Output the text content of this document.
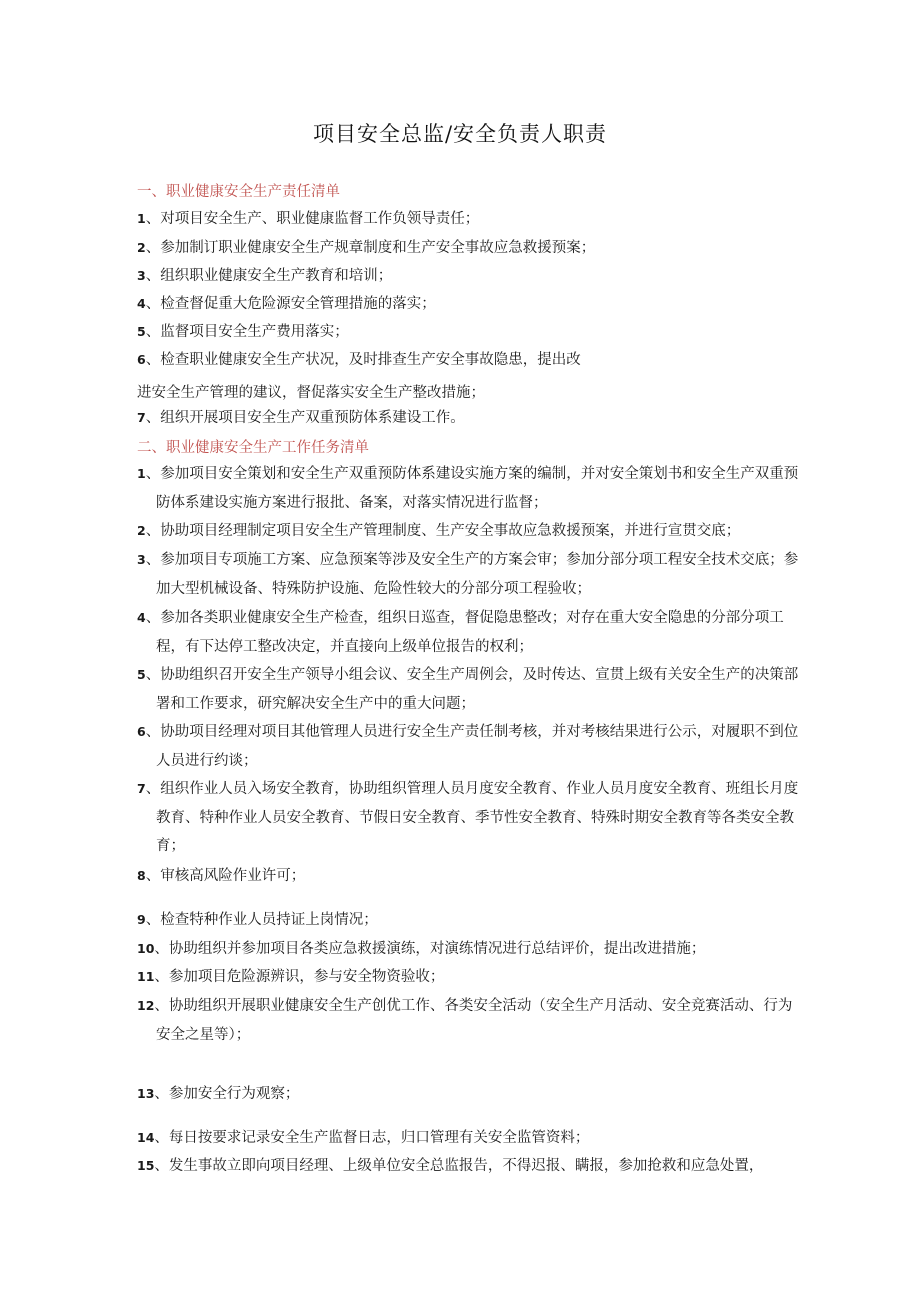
项目安全总监/安全负责人职责
一、职业健康安全生产责任清单
1、对项目安全生产、职业健康监督工作负领导责任；
2、参加制订职业健康安全生产规章制度和生产安全事故应急救援预案；
3、组织职业健康安全生产教育和培训；
4、检查督促重大危险源安全管理措施的落实；
5、监督项目安全生产费用落实；
6、检查职业健康安全生产状况，及时排查生产安全事故隐患，提出改
进安全生产管理的建议，督促落实安全生产整改措施；
7、组织开展项目安全生产双重预防体系建设工作。
二、职业健康安全生产工作任务清单
1、参加项目安全策划和安全生产双重预防体系建设实施方案的编制，并对安全策划书和安全生产双重预防体系建设实施方案进行报批、备案，对落实情况进行监督；
2、协助项目经理制定项目安全生产管理制度、生产安全事故应急救援预案，并进行宣贯交底；
3、参加项目专项施工方案、应急预案等涉及安全生产的方案会审；参加分部分项工程安全技术交底；参加大型机械设备、特殊防护设施、危险性较大的分部分项工程验收；
4、参加各类职业健康安全生产检查，组织日巡查，督促隐患整改；对存在重大安全隐患的分部分项工程，有下达停工整改决定，并直接向上级单位报告的权利；
5、协助组织召开安全生产领导小组会议、安全生产周例会，及时传达、宣贯上级有关安全生产的决策部署和工作要求，研究解决安全生产中的重大问题；
6、协助项目经理对项目其他管理人员进行安全生产责任制考核，并对考核结果进行公示，对履职不到位人员进行约谈；
7、组织作业人员入场安全教育，协助组织管理人员月度安全教育、作业人员月度安全教育、班组长月度教育、特种作业人员安全教育、节假日安全教育、季节性安全教育、特殊时期安全教育等各类安全教育；
8、审核高风险作业许可；
9、检查特种作业人员持证上岗情况；
10、协助组织并参加项目各类应急救援演练，对演练情况进行总结评价，提出改进措施；
11、参加项目危险源辨识，参与安全物资验收；
12、协助组织开展职业健康安全生产创优工作、各类安全活动（安全生产月活动、安全竞赛活动、行为安全之星等）；
13、参加安全行为观察；
14、每日按要求记录安全生产监督日志，归口管理有关安全监管资料；
15、发生事故立即向项目经理、上级单位安全总监报告，不得迟报、瞒报，参加抢救和应急处置，
